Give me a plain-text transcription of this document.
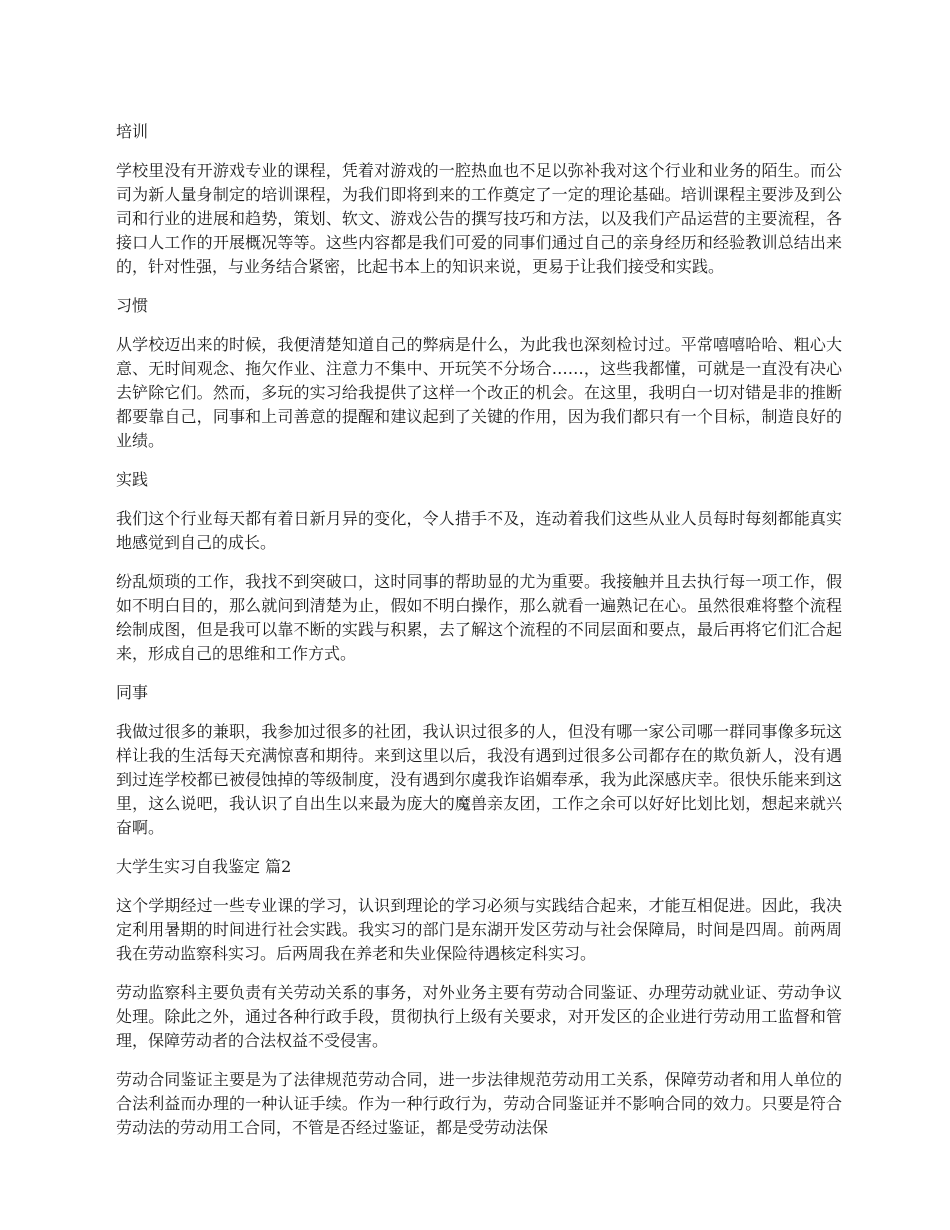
培训
学校里没有开游戏专业的课程，凭着对游戏的一腔热血也不足以弥补我对这个行业和业务的陌生。而公司为新人量身制定的培训课程，为我们即将到来的工作奠定了一定的理论基础。培训课程主要涉及到公司和行业的进展和趋势，策划、软文、游戏公告的撰写技巧和方法，以及我们产品运营的主要流程，各接口人工作的开展概况等等。这些内容都是我们可爱的同事们通过自己的亲身经历和经验教训总结出来的，针对性强，与业务结合紧密，比起书本上的知识来说，更易于让我们接受和实践。
习惯
从学校迈出来的时候，我便清楚知道自己的弊病是什么，为此我也深刻检讨过。平常嘻嘻哈哈、粗心大意、无时间观念、拖欠作业、注意力不集中、开玩笑不分场合……，这些我都懂，可就是一直没有决心去铲除它们。然而，多玩的实习给我提供了这样一个改正的机会。在这里，我明白一切对错是非的推断都要靠自己，同事和上司善意的提醒和建议起到了关键的作用，因为我们都只有一个目标，制造良好的业绩。
实践
我们这个行业每天都有着日新月异的变化，令人措手不及，连动着我们这些从业人员每时每刻都能真实地感觉到自己的成长。
纷乱烦琐的工作，我找不到突破口，这时同事的帮助显的尤为重要。我接触并且去执行每一项工作，假如不明白目的，那么就问到清楚为止，假如不明白操作，那么就看一遍熟记在心。虽然很难将整个流程绘制成图，但是我可以靠不断的实践与积累，去了解这个流程的不同层面和要点，最后再将它们汇合起来，形成自己的思维和工作方式。
同事
我做过很多的兼职，我参加过很多的社团，我认识过很多的人，但没有哪一家公司哪一群同事像多玩这样让我的生活每天充满惊喜和期待。来到这里以后，我没有遇到过很多公司都存在的欺负新人，没有遇到过连学校都已被侵蚀掉的等级制度，没有遇到尔虞我诈谄媚奉承，我为此深感庆幸。很快乐能来到这里，这么说吧，我认识了自出生以来最为庞大的魔兽亲友团，工作之余可以好好比划比划，想起来就兴奋啊。
大学生实习自我鉴定 篇2
这个学期经过一些专业课的学习，认识到理论的学习必须与实践结合起来，才能互相促进。因此，我决定利用暑期的时间进行社会实践。我实习的部门是东湖开发区劳动与社会保障局，时间是四周。前两周我在劳动监察科实习。后两周我在养老和失业保险待遇核定科实习。
劳动监察科主要负责有关劳动关系的事务，对外业务主要有劳动合同鉴证、办理劳动就业证、劳动争议处理。除此之外，通过各种行政手段，贯彻执行上级有关要求，对开发区的企业进行劳动用工监督和管理，保障劳动者的合法权益不受侵害。
劳动合同鉴证主要是为了法律规范劳动合同，进一步法律规范劳动用工关系，保障劳动者和用人单位的合法利益而办理的一种认证手续。作为一种行政行为，劳动合同鉴证并不影响合同的效力。只要是符合劳动法的劳动用工合同，不管是否经过鉴证，都是受劳动法保
